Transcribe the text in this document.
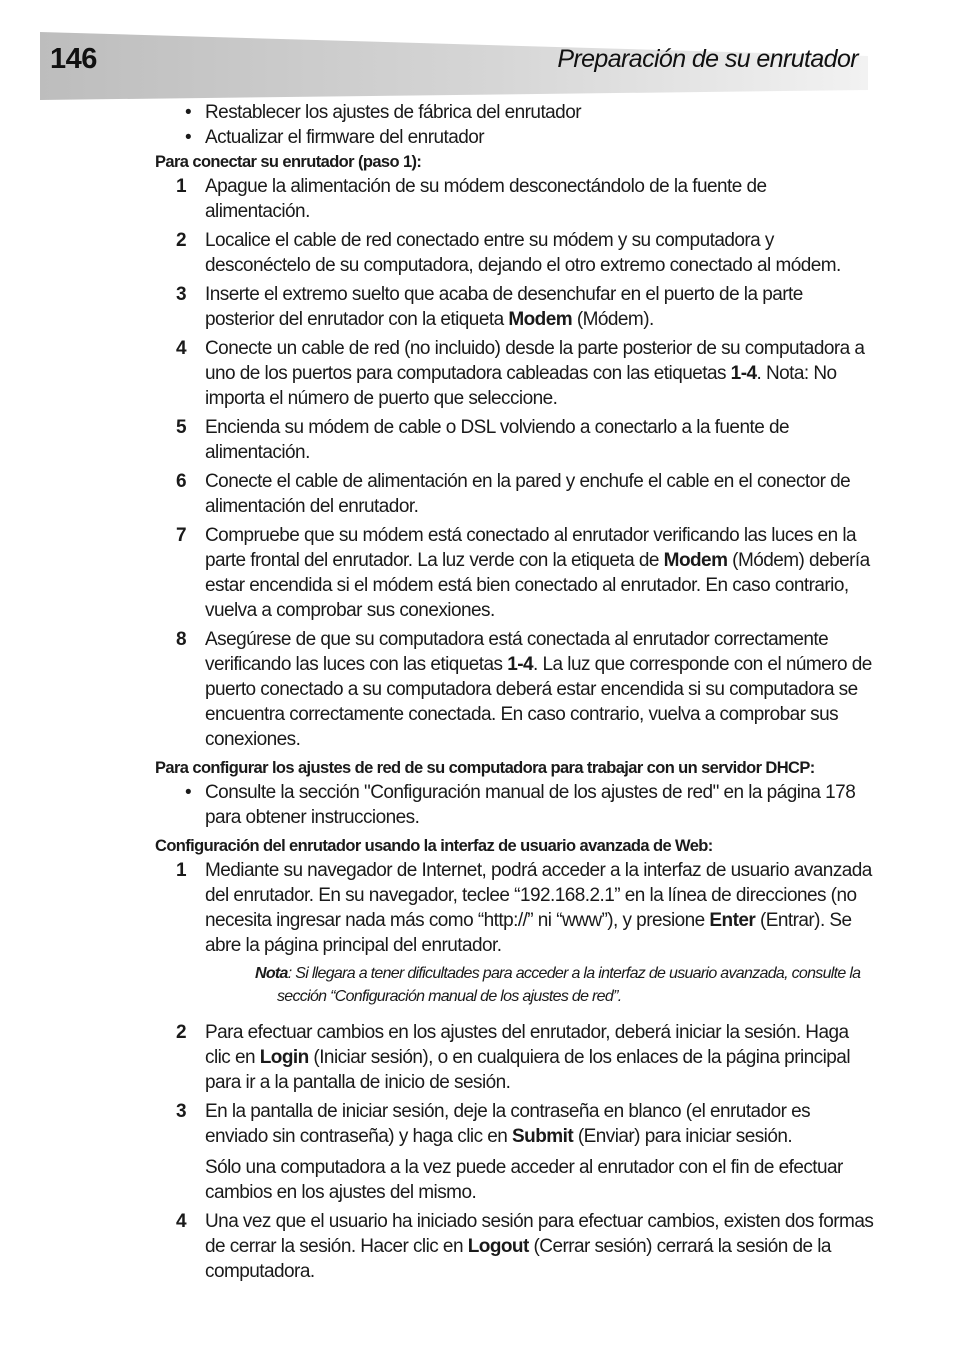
146	Preparación de su enrutador
• Restablecer los ajustes de fábrica del enrutador
• Actualizar el firmware del enrutador
Para conectar su enrutador (paso 1):
1 Apague la alimentación de su módem desconectándolo de la fuente de alimentación.
2 Localice el cable de red conectado entre su módem y su computadora y desconéctelo de su computadora, dejando el otro extremo conectado al módem.
3 Inserte el extremo suelto que acaba de desenchufar en el puerto de la parte posterior del enrutador con la etiqueta Modem (Módem).
4 Conecte un cable de red (no incluido) desde la parte posterior de su computadora a uno de los puertos para computadora cableadas con las etiquetas 1-4. Nota: No importa el número de puerto que seleccione.
5 Encienda su módem de cable o DSL volviendo a conectarlo a la fuente de alimentación.
6 Conecte el cable de alimentación en la pared y enchufe el cable en el conector de alimentación del enrutador.
7 Compruebe que su módem está conectado al enrutador verificando las luces en la parte frontal del enrutador. La luz verde con la etiqueta de Modem (Módem) debería estar encendida si el módem está bien conectado al enrutador. En caso contrario, vuelva a comprobar sus conexiones.
8 Asegúrese de que su computadora está conectada al enrutador correctamente verificando las luces con las etiquetas 1-4. La luz que corresponde con el número de puerto conectado a su computadora deberá estar encendida si su computadora se encuentra correctamente conectada. En caso contrario, vuelva a comprobar sus conexiones.
Para configurar los ajustes de red de su computadora para trabajar con un servidor DHCP:
• Consulte la sección "Configuración manual de los ajustes de red" en la página 178 para obtener instrucciones.
Configuración del enrutador usando la interfaz de usuario avanzada de Web:
1 Mediante su navegador de Internet, podrá acceder a la interfaz de usuario avanzada del enrutador. En su navegador, teclee “192.168.2.1” en la línea de direcciones (no necesita ingresar nada más como “http://” ni “www”), y presione Enter (Entrar). Se abre la página principal del enrutador.
Nota: Si llegara a tener dificultades para acceder a la interfaz de usuario avanzada, consulte la sección “Configuración manual de los ajustes de red”.
2 Para efectuar cambios en los ajustes del enrutador, deberá iniciar la sesión. Haga clic en Login (Iniciar sesión), o en cualquiera de los enlaces de la página principal para ir a la pantalla de inicio de sesión.
3 En la pantalla de iniciar sesión, deje la contraseña en blanco (el enrutador es enviado sin contraseña) y haga clic en Submit (Enviar) para iniciar sesión.
Sólo una computadora a la vez puede acceder al enrutador con el fin de efectuar cambios en los ajustes del mismo.
4 Una vez que el usuario ha iniciado sesión para efectuar cambios, existen dos formas de cerrar la sesión. Hacer clic en Logout (Cerrar sesión) cerrará la sesión de la computadora.
